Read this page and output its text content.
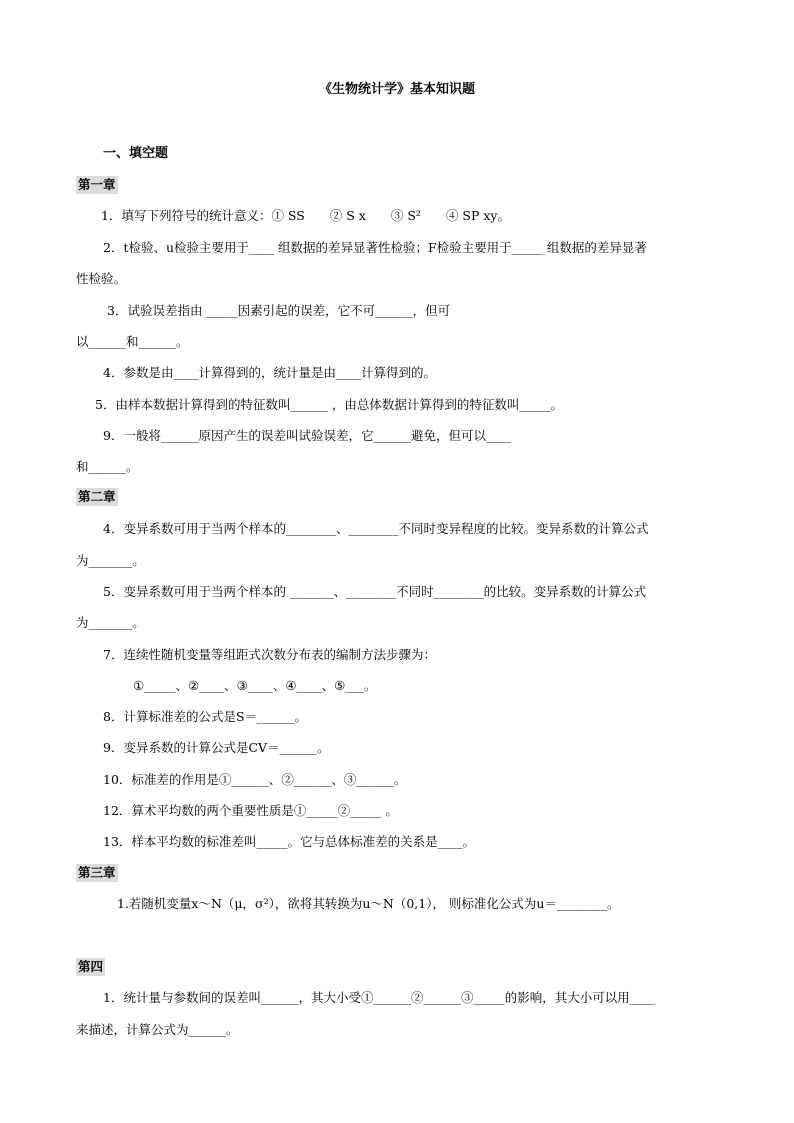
《生物统计学》基本知识题
一、填空题
第一章
1．填写下列符号的统计意义：① SS　　② S x　　③ S²　　④ SP xy。
2．t检验、u检验主要用于____ 组数据的差异显著性检验；F检验主要用于_____ 组数据的差异显著
性检验。
3．试验误差指由 _____因素引起的误差，它不可______，但可
以______和______。
4．参数是由____计算得到的，统计量是由____计算得到的。
5．由样本数据计算得到的特征数叫______ ，由总体数据计算得到的特征数叫_____。
9．一般将______原因产生的误差叫试验误差，它______避免，但可以____
和______。
第二章
4．变异系数可用于当两个样本的________、________不同时变异程度的比较。变异系数的计算公式
为_______。
5．变异系数可用于当两个样本的 _______、________不同时________的比较。变异系数的计算公式
为_______。
7．连续性随机变量等组距式次数分布表的编制方法步骤为：
①_____、②____、③____、④____、⑤___。
8．计算标准差的公式是S＝______。
9．变异系数的计算公式是CV＝______。
10．标准差的作用是①______、②______、③______。
12．算术平均数的两个重要性质是①_____②_____ 。
13．样本平均数的标准差叫_____。它与总体标准差的关系是____。
第三章
1.若随机变量x～N（μ，σ²），欲将其转换为u～N（0,1）， 则标准化公式为u＝________。
第四
1．统计量与参数间的误差叫______，其大小受①______②______③_____的影响，其大小可以用____
来描述，计算公式为______。
